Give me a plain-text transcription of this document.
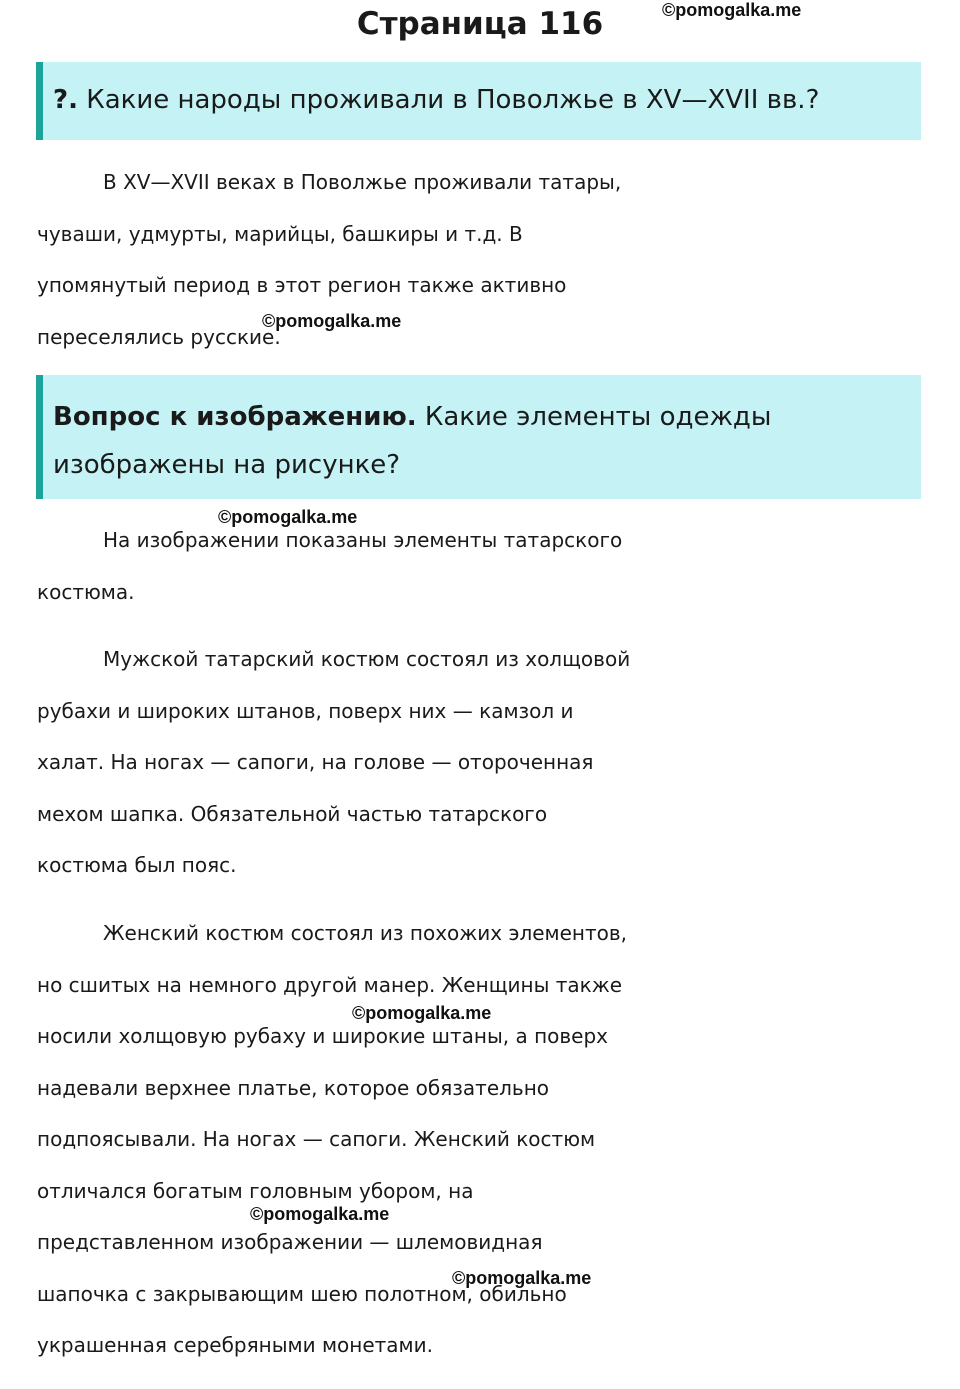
Страница 116	©pomogalka.me
?. Какие народы проживали в Поволжье в XV—XVII вв.?
В XV—XVII веках в Поволжье проживали татары,
чуваши, удмурты, марийцы, башкиры и т.д. В
упомянутый период в этот регион также активно
переселялись русские.
©pomogalka.me
Вопрос к изображению. Какие элементы одежды
изображены на рисунке?
©pomogalka.me
На изображении показаны элементы татарского
костюма.
Мужской татарский костюм состоял из холщовой
рубахи и широких штанов, поверх них — камзол и
халат. На ногах — сапоги, на голове — отороченная
мехом шапка. Обязательной частью татарского
костюма был пояс.
Женский костюм состоял из похожих элементов,
но сшитых на немного другой манер. Женщины также
носили холщовую рубаху и широкие штаны, а поверх
надевали верхнее платье, которое обязательно
подпоясывали. На ногах — сапоги. Женский костюм
отличался богатым головным убором, на
представленном изображении — шлемовидная
шапочка с закрывающим шею полотном, обильно
украшенная серебряными монетами.
©pomogalka.me
©pomogalka.me
©pomogalka.me
